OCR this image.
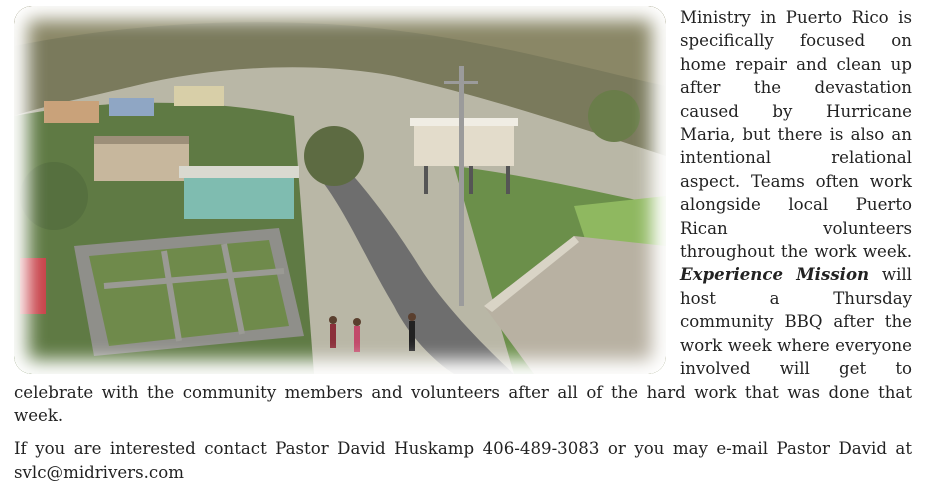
Ministry in Puerto Rico is specifically focused on home repair and clean up after the devastation caused by Hurricane Maria, but there is also an intentional relational aspect. Teams often work alongside local Puerto Rican volunteers throughout the work week. Experience Mission will host a Thursday community BBQ after the work week where everyone involved will get to celebrate with the community members and volunteers after all of the hard work that was done that week.

If you are interested contact Pastor David Huskamp 406-489-3083 or you may e-mail Pastor David at svlc@midrivers.com
